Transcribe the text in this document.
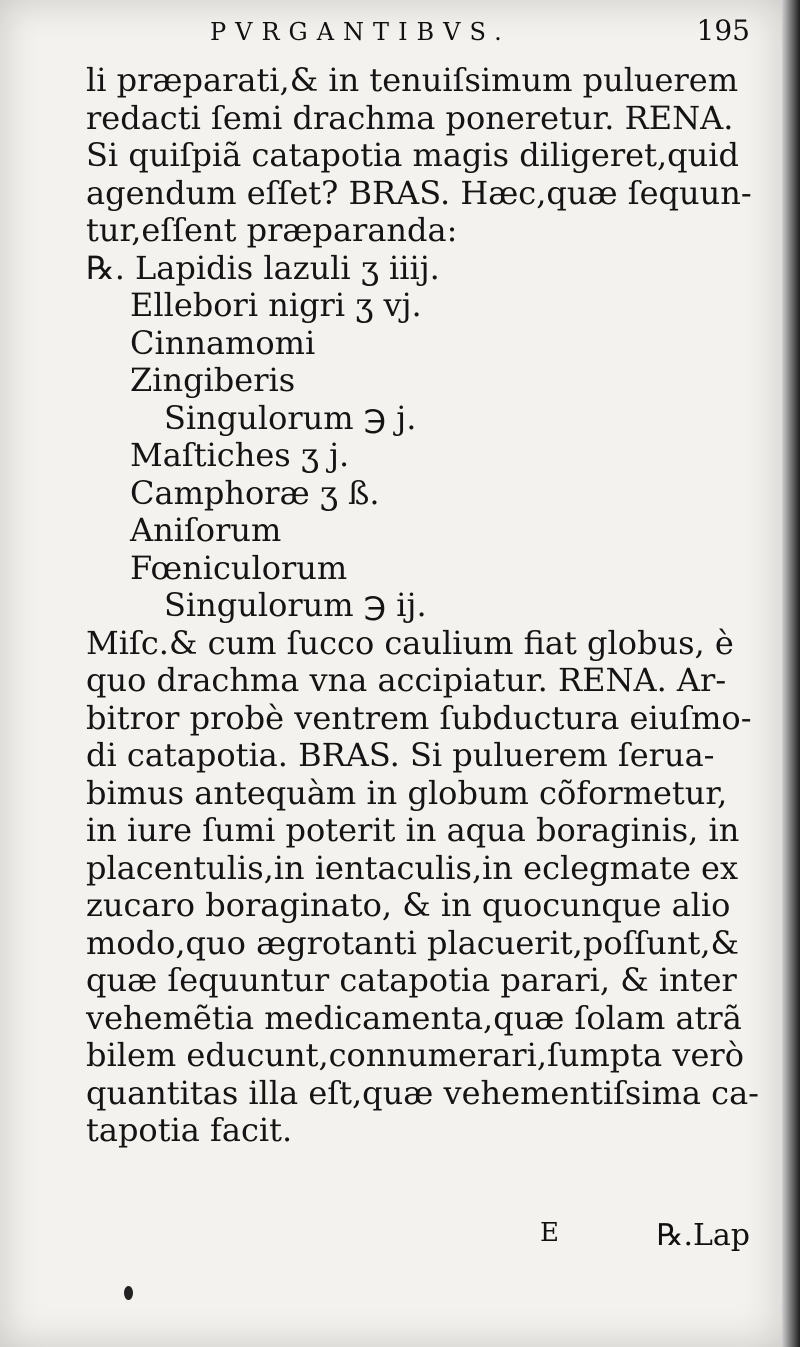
PVRGANTIBVS.	195
li præparati,& in tenuiſsimum puluerem
redacti ſemi drachma poneretur. RENA.
Si quiſpiã catapotia magis diligeret,quid
agendum eſſet? BRAS. Hæc,quæ ſequun-
tur,eſſent præparanda:
℞. Lapidis lazuli ʒ iiij.
Ellebori nigri ʒ vj.
Cinnamomi
Zingiberis
Singulorum ℈ j.
Maſtiches ʒ j.
Camphoræ ʒ ß.
Aniſorum
Fœniculorum
Singulorum ℈ ij.
Miſc.& cum ſucco caulium fiat globus, è
quo drachma vna accipiatur. RENA. Ar-
bitror probè ventrem ſubductura eiuſmo-
di catapotia. BRAS. Si puluerem ſerua-
bimus antequàm in globum cõformetur,
in iure ſumi poterit in aqua boraginis, in
placentulis,in ientaculis,in eclegmate ex
zucaro boraginato, & in quocunque alio
modo,quo ægrotanti placuerit,poſſunt,&
quæ ſequuntur catapotia parari, & inter
vehemẽtia medicamenta,quæ ſolam atrã
bilem educunt,connumerari,ſumpta verò
quantitas illa eſt,quæ vehementiſsima ca-
tapotia facit.
E	℞.Lap
